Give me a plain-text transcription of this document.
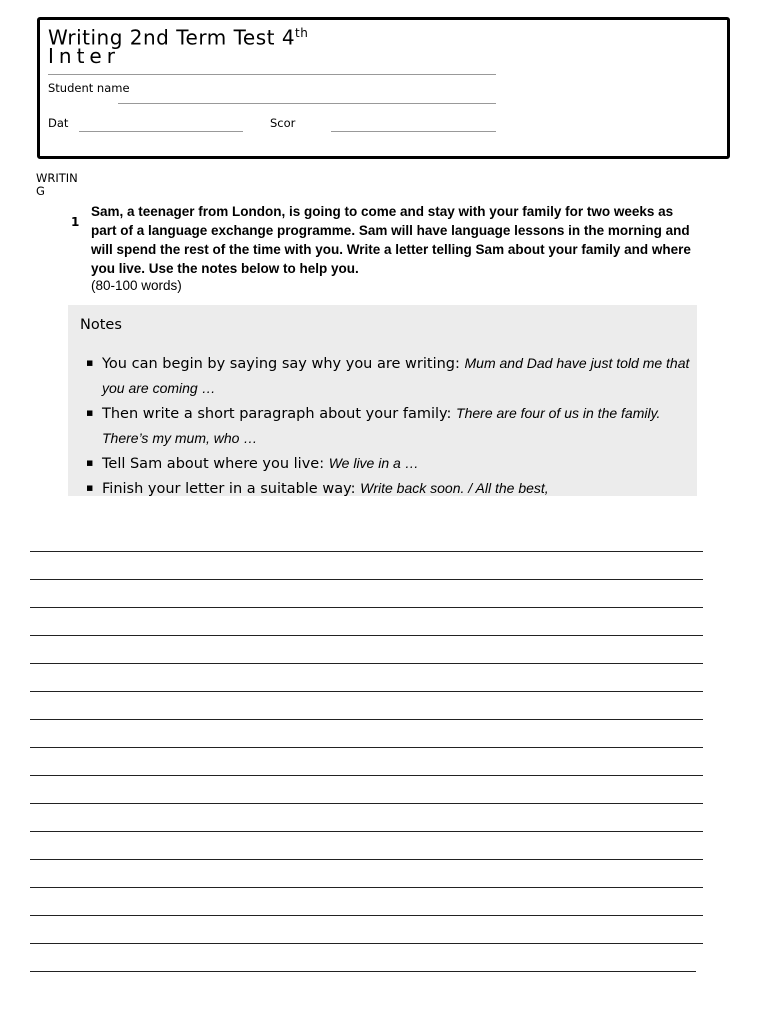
Writing 2nd Term Test 4th
Inter
Student name
Dat	Scor
WRITING
1
Sam, a teenager from London, is going to come and stay with your family for two weeks as part of a language exchange programme. Sam will have language lessons in the morning and will spend the rest of the time with you. Write a letter telling Sam about your family and where you live. Use the notes below to help you.
(80-100 words)
Notes
▪ You can begin by saying say why you are writing: Mum and Dad have just told me that you are coming …
▪ Then write a short paragraph about your family: There are four of us in the family. There’s my mum, who …
▪ Tell Sam about where you live: We live in a …
▪ Finish your letter in a suitable way: Write back soon. / All the best,
